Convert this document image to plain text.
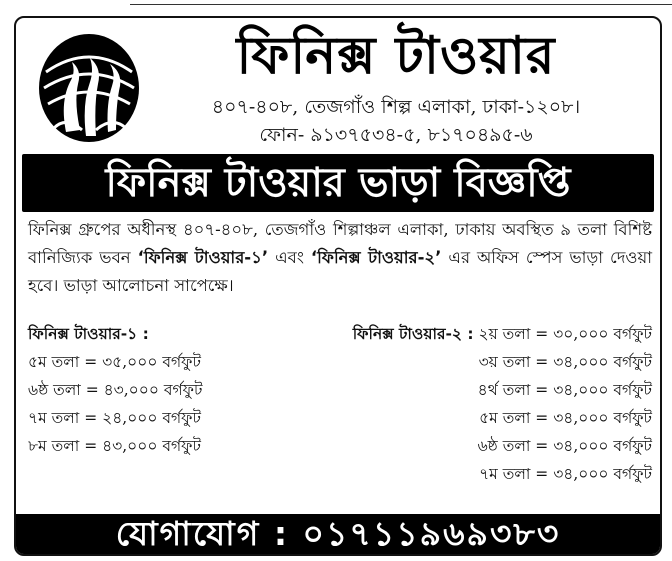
ফিনিক্স টাওয়ার
৪০৭-৪০৮, তেজগাঁও শিল্প এলাকা, ঢাকা-১২০৮।
ফোন- ৯১৩৭৫৩৪-৫, ৮১৭০৪৯৫-৬
ফিনিক্স টাওয়ার ভাড়া বিজ্ঞপ্তি
ফিনিক্স গ্রুপের অধীনস্থ ৪০৭-৪০৮, তেজগাঁও শিল্পাঞ্চল এলাকা, ঢাকায় অবস্থিত ৯ তলা বিশিষ্ট বানিজ্যিক ভবন ‘ফিনিক্স টাওয়ার-১’ এবং ‘ফিনিক্স টাওয়ার-২’ এর অফিস স্পেস ভাড়া দেওয়া হবে। ভাড়া আলোচনা সাপেক্ষে।
ফিনিক্স টাওয়ার-১ :
৫ম তলা = ৩৫,০০০ বর্গফুট
৬ষ্ঠ তলা = ৪৩,০০০ বর্গফুট
৭ম তলা = ২৪,০০০ বর্গফুট
৮ম তলা = ৪৩,০০০ বর্গফুট
ফিনিক্স টাওয়ার-২ : ২য় তলা = ৩০,০০০ বর্গফুট
৩য় তলা = ৩৪,০০০ বর্গফুট
৪র্থ তলা = ৩৪,০০০ বর্গফুট
৫ম তলা = ৩৪,০০০ বর্গফুট
৬ষ্ঠ তলা = ৩৪,০০০ বর্গফুট
৭ম তলা = ৩৪,০০০ বর্গফুট
যোগাযোগ : ০১৭১১৯৬৯৩৮৩
